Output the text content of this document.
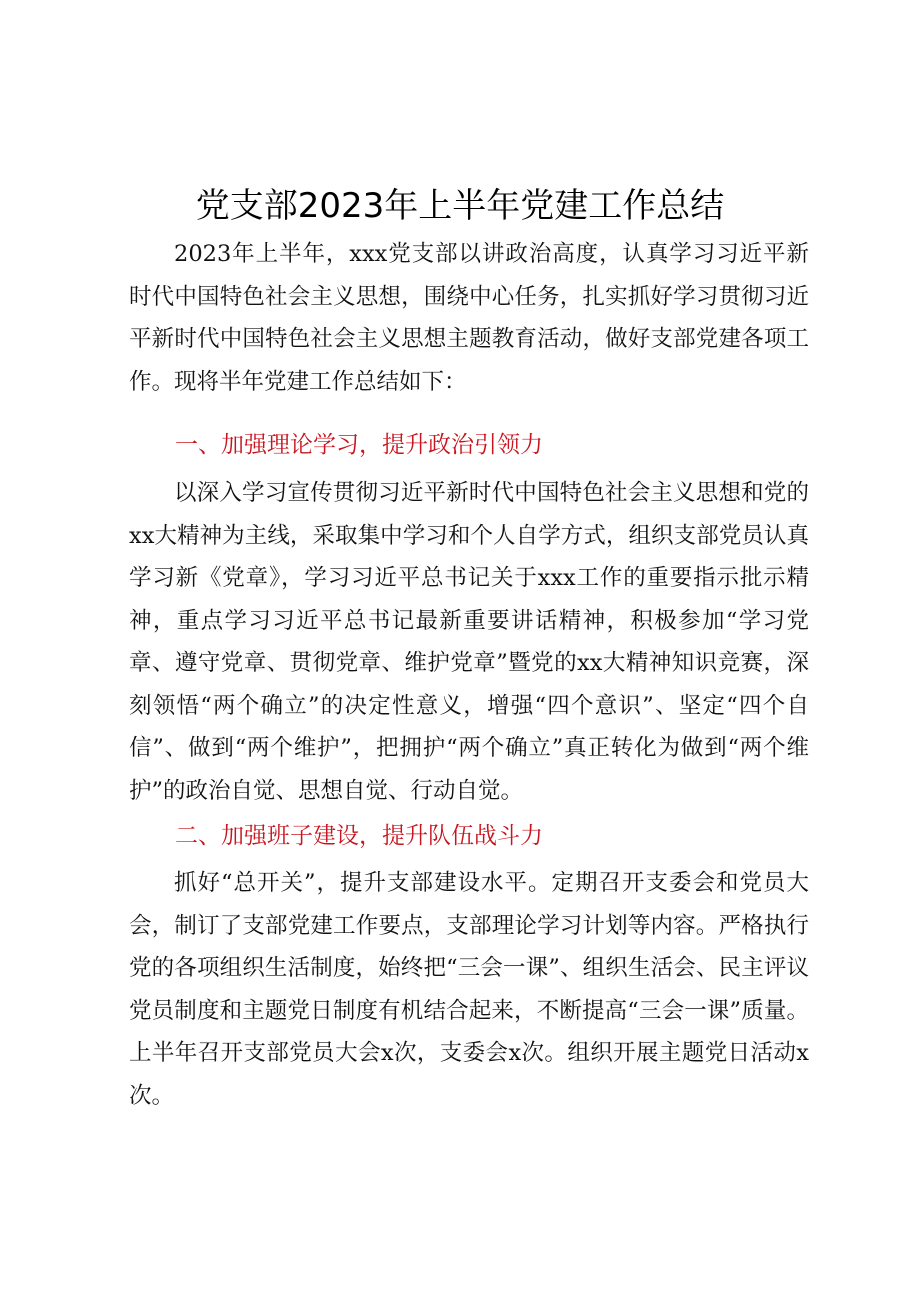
党支部2023年上半年党建工作总结

2023年上半年，xxx党支部以讲政治高度，认真学习习近平新时代中国特色社会主义思想，围绕中心任务，扎实抓好学习贯彻习近平新时代中国特色社会主义思想主题教育活动，做好支部党建各项工作。现将半年党建工作总结如下：

一、加强理论学习，提升政治引领力

以深入学习宣传贯彻习近平新时代中国特色社会主义思想和党的xx大精神为主线，采取集中学习和个人自学方式，组织支部党员认真学习新《党章》，学习习近平总书记关于xxx工作的重要指示批示精神，重点学习习近平总书记最新重要讲话精神，积极参加“学习党章、遵守党章、贯彻党章、维护党章”暨党的xx大精神知识竞赛，深刻领悟“两个确立”的决定性意义，增强“四个意识”、坚定“四个自信”、做到“两个维护”，把拥护“两个确立”真正转化为做到“两个维护”的政治自觉、思想自觉、行动自觉。

二、加强班子建设，提升队伍战斗力

抓好“总开关”，提升支部建设水平。定期召开支委会和党员大会，制订了支部党建工作要点，支部理论学习计划等内容。严格执行党的各项组织生活制度，始终把“三会一课”、组织生活会、民主评议党员制度和主题党日制度有机结合起来，不断提高“三会一课”质量。上半年召开支部党员大会x次，支委会x次。组织开展主题党日活动x次。
